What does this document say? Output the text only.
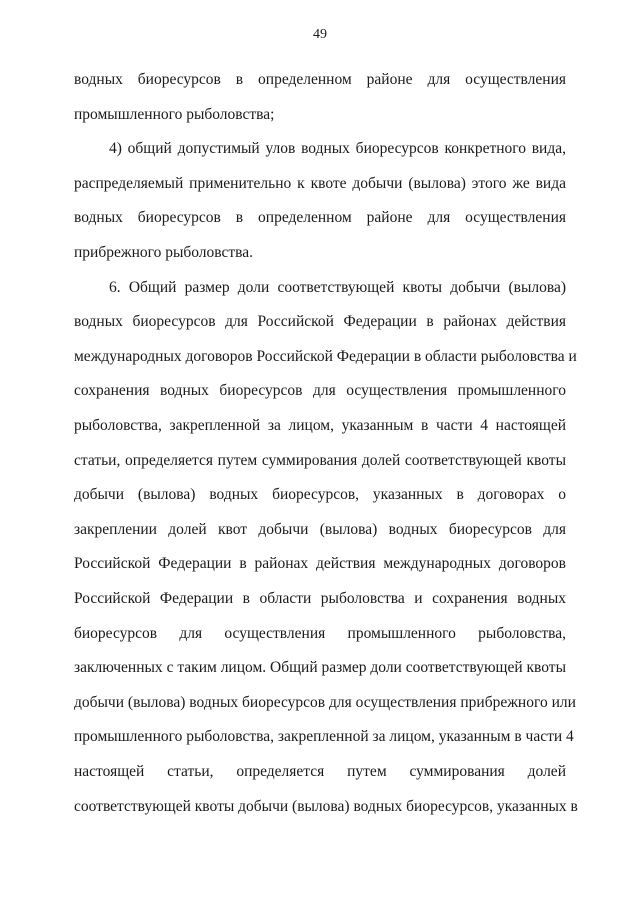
49
водных биоресурсов в определенном районе для осуществления
промышленного рыболовства;
4) общий допустимый улов водных биоресурсов конкретного вида,
распределяемый применительно к квоте добычи (вылова) этого же вида
водных биоресурсов в определенном районе для осуществления
прибрежного рыболовства.
6. Общий размер доли соответствующей квоты добычи (вылова)
водных биоресурсов для Российской Федерации в районах действия
международных договоров Российской Федерации в области рыболовства и
сохранения водных биоресурсов для осуществления промышленного
рыболовства, закрепленной за лицом, указанным в части 4 настоящей
статьи, определяется путем суммирования долей соответствующей квоты
добычи (вылова) водных биоресурсов, указанных в договорах о
закреплении долей квот добычи (вылова) водных биоресурсов для
Российской Федерации в районах действия международных договоров
Российской Федерации в области рыболовства и сохранения водных
биоресурсов для осуществления промышленного рыболовства,
заключенных с таким лицом. Общий размер доли соответствующей квоты
добычи (вылова) водных биоресурсов для осуществления прибрежного или
промышленного рыболовства, закрепленной за лицом, указанным в части 4
настоящей статьи, определяется путем суммирования долей
соответствующей квоты добычи (вылова) водных биоресурсов, указанных в
